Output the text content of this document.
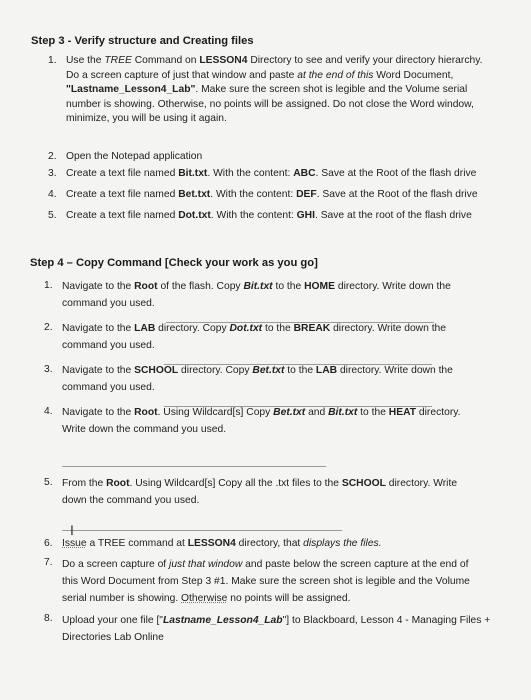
Step 3 - Verify structure and Creating files
1. Use the TREE Command on LESSON4 Directory to see and verify your directory hierarchy.
Do a screen capture of just that window and paste at the end of this Word Document,
"Lastname_Lesson4_Lab". Make sure the screen shot is legible and the Volume serial
number is showing. Otherwise, no points will be assigned. Do not close the Word window,
minimize, you will be using it again.
2. Open the Notepad application
3. Create a text file named Bit.txt. With the content: ABC. Save at the Root of the flash drive
4. Create a text file named Bet.txt. With the content: DEF. Save at the Root of the flash drive
5. Create a text file named Dot.txt. With the content: GHI. Save at the root of the flash drive
Step 4 – Copy Command [Check your work as you go]
1. Navigate to the Root of the flash. Copy Bit.txt to the HOME directory. Write down the
command you used.
2. Navigate to the LAB directory. Copy Dot.txt to the BREAK directory. Write down the
command you used.
3. Navigate to the SCHOOL directory. Copy Bet.txt to the LAB directory. Write down the
command you used.
4. Navigate to the Root. Using Wildcard[s] Copy Bet.txt and Bit.txt to the HEAT directory.
Write down the command you used.
5. From the Root. Using Wildcard[s] Copy all the .txt files to the SCHOOL directory. Write
down the command you used.
Ι
6. Issue a TREE command at LESSON4 directory, that displays the files.
7. Do a screen capture of just that window and paste below the screen capture at the end of
this Word Document from Step 3 #1. Make sure the screen shot is legible and the Volume
serial number is showing. Otherwise no points will be assigned.
8. Upload your one file ["Lastname_Lesson4_Lab"] to Blackboard, Lesson 4 - Managing Files +
Directories Lab Online
